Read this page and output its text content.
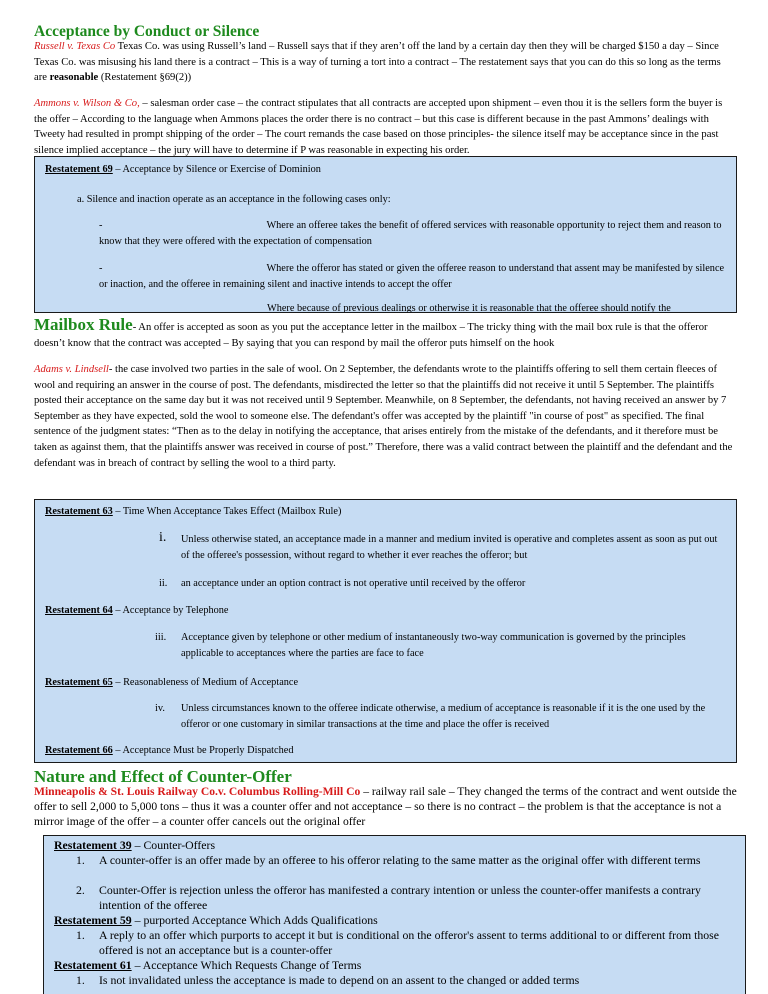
Acceptance by Conduct or Silence
Russell v. Texas Co Texas Co. was using Russell’s land – Russell says that if they aren’t off the land by a certain day then they will be charged $150 a day – Since Texas Co. was misusing his land there is a contract – This is a way of turning a tort into a contract – The restatement says that you can do this so long as the terms are reasonable (Restatement §69(2))
Ammons v. Wilson & Co, – salesman order case – the contract stipulates that all contracts are accepted upon shipment – even thou it is the sellers form the buyer is the offer – According to the language when Ammons places the order there is no contract – but this case is different because in the past Ammons’ dealings with Tweety had resulted in prompt shipping of the order – The court remands the case based on those principles- the silence itself may be acceptance since in the past silence implied acceptance – the jury will have to determine if P was reasonable in expecting his order.
Restatement 69 – Acceptance by Silence or Exercise of Dominion
a. Silence and inaction operate as an acceptance in the following cases only:
-	Where an offeree takes the benefit of offered services with reasonable opportunity to reject them and reason to know that they were offered with the expectation of compensation
-	Where the offeror has stated or given the offeree reason to understand that assent may be manifested by silence or inaction, and the offeree in remaining silent and inactive intends to accept the offer
Where because of previous dealings or otherwise it is reasonable that the offeree should notify the
Mailbox Rule- An offer is accepted as soon as you put the acceptance letter in the mailbox – The tricky thing with the mail box rule is that the offeror doesn’t know that the contract was accepted – By saying that you can respond by mail the offeror puts himself on the hook
Adams v. Lindsell- the case involved two parties in the sale of wool. On 2 September, the defendants wrote to the plaintiffs offering to sell them certain fleeces of wool and requiring an answer in the course of post. The defendants, misdirected the letter so that the plaintiffs did not receive it until 5 September. The plaintiffs posted their acceptance on the same day but it was not received until 9 September. Meanwhile, on 8 September, the defendants, not having received an answer by 7 September as they have expected, sold the wool to someone else. The defendant's offer was accepted by the plaintiff "in course of post" as specified. The final sentence of the judgment states: “Then as to the delay in notifying the acceptance, that arises entirely from the mistake of the defendants, and it therefore must be taken as against them, that the plaintiffs answer was received in course of post.” Therefore, there was a valid contract between the plaintiff and the defendant and the defendant was in breach of contract by selling the wool to a third party.
Restatement 63 – Time When Acceptance Takes Effect (Mailbox Rule)
i. Unless otherwise stated, an acceptance made in a manner and medium invited is operative and completes assent as soon as put out of the offeree's possession, without regard to whether it ever reaches the offeror; but
ii. an acceptance under an option contract is not operative until received by the offeror
Restatement 64 – Acceptance by Telephone
iii. Acceptance given by telephone or other medium of instantaneously two-way communication is governed by the principles applicable to acceptances where the parties are face to face
Restatement 65 – Reasonableness of Medium of Acceptance
iv. Unless circumstances known to the offeree indicate otherwise, a medium of acceptance is reasonable if it is the one used by the offeror or one customary in similar transactions at the time and place the offer is received
Restatement 66 – Acceptance Must be Properly Dispatched
Nature and Effect of Counter-Offer
Minneapolis & St. Louis Railway Co.v. Columbus Rolling-Mill Co – railway rail sale – They changed the terms of the contract and went outside the offer to sell 2,000 to 5,000 tons – thus it was a counter offer and not acceptance – so there is no contract – the problem is that the acceptance is not a mirror image of the offer – a counter offer cancels out the original offer
Restatement 39 – Counter-Offers
1. A counter-offer is an offer made by an offeree to his offeror relating to the same matter as the original offer with different terms
2. Counter-Offer is rejection unless the offeror has manifested a contrary intention or unless the counter-offer manifests a contrary intention of the offeree
Restatement 59 – purported Acceptance Which Adds Qualifications
1. A reply to an offer which purports to accept it but is conditional on the offeror's assent to terms additional to or different from those offered is not an acceptance but is a counter-offer
Restatement 61 – Acceptance Which Requests Change of Terms
1. Is not invalidated unless the acceptance is made to depend on an assent to the changed or added terms
